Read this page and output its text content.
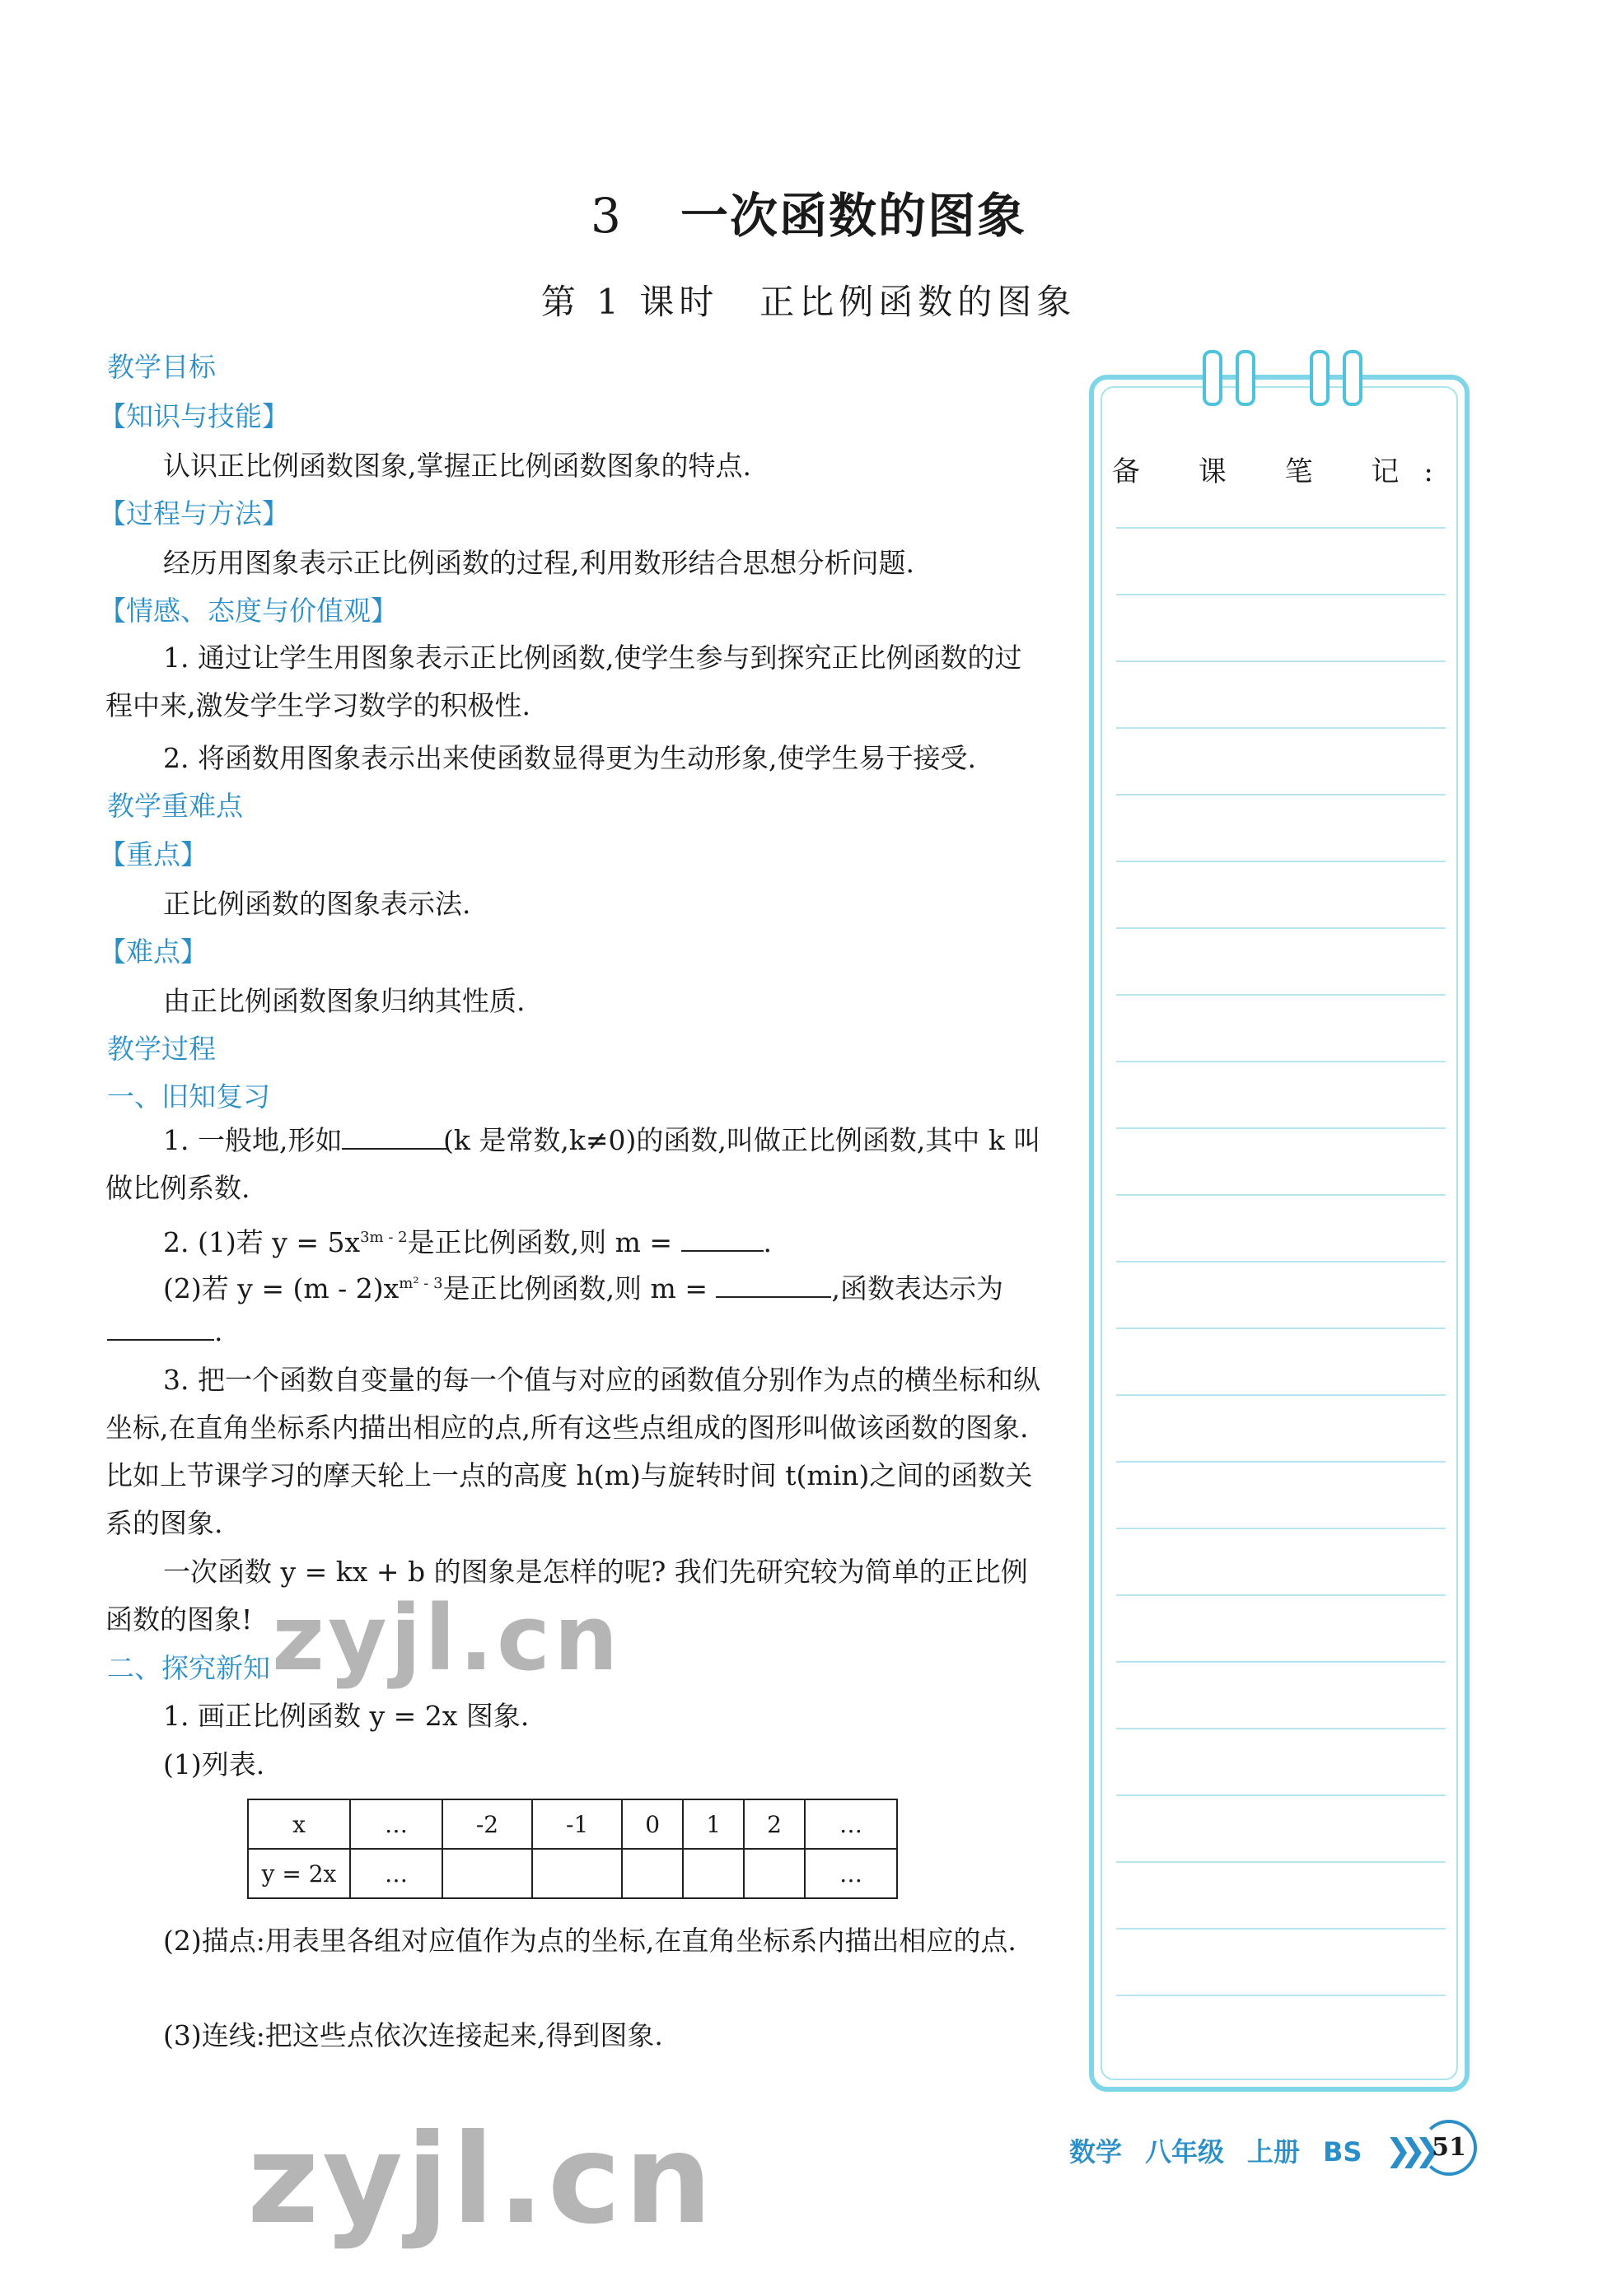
3 一次函数的图象
第 1 课时 正比例函数的图象
教学目标
【知识与技能】
认识正比例函数图象,掌握正比例函数图象的特点.
【过程与方法】
经历用图象表示正比例函数的过程,利用数形结合思想分析问题.
【情感、态度与价值观】
1. 通过让学生用图象表示正比例函数,使学生参与到探究正比例函数的过程中来,激发学生学习数学的积极性.
2. 将函数用图象表示出来使函数显得更为生动形象,使学生易于接受.
教学重难点
【重点】
正比例函数的图象表示法.
【难点】
由正比例函数图象归纳其性质.
教学过程
一、旧知复习
1. 一般地,形如	(k 是常数,k≠0)的函数,叫做正比例函数,其中 k 叫做比例系数.
2. (1)若 $y = 5x^{3m - 2}$是正比例函数,则 m =	.
(2)若 $y = (m - 2)x^{m^2 - 3}$是正比例函数,则 m =	,函数表达示为
.
3. 把一个函数自变量的每一个值与对应的函数值分别作为点的横坐标和纵坐标,在直角坐标系内描出相应的点,所有这些点组成的图形叫做该函数的图象. 比如上节课学习的摩天轮上一点的高度 h(m)与旋转时间 t(min)之间的函数关系的图象.
一次函数 y = kx + b 的图象是怎样的呢? 我们先研究较为简单的正比例函数的图象!
二、探究新知
1. 画正比例函数 y = 2x 图象.
(1)列表.
x	…	-2	-1	0	1	2	…
y = 2x	…						…
(2)描点:用表里各组对应值作为点的坐标,在直角坐标系内描出相应的点.
(3)连线:把这些点依次连接起来,得到图象.
备 课 笔 记:
数学 八年级 上册 BS ❯❯❯ 51
zyjl.cn
zyjl.cn
